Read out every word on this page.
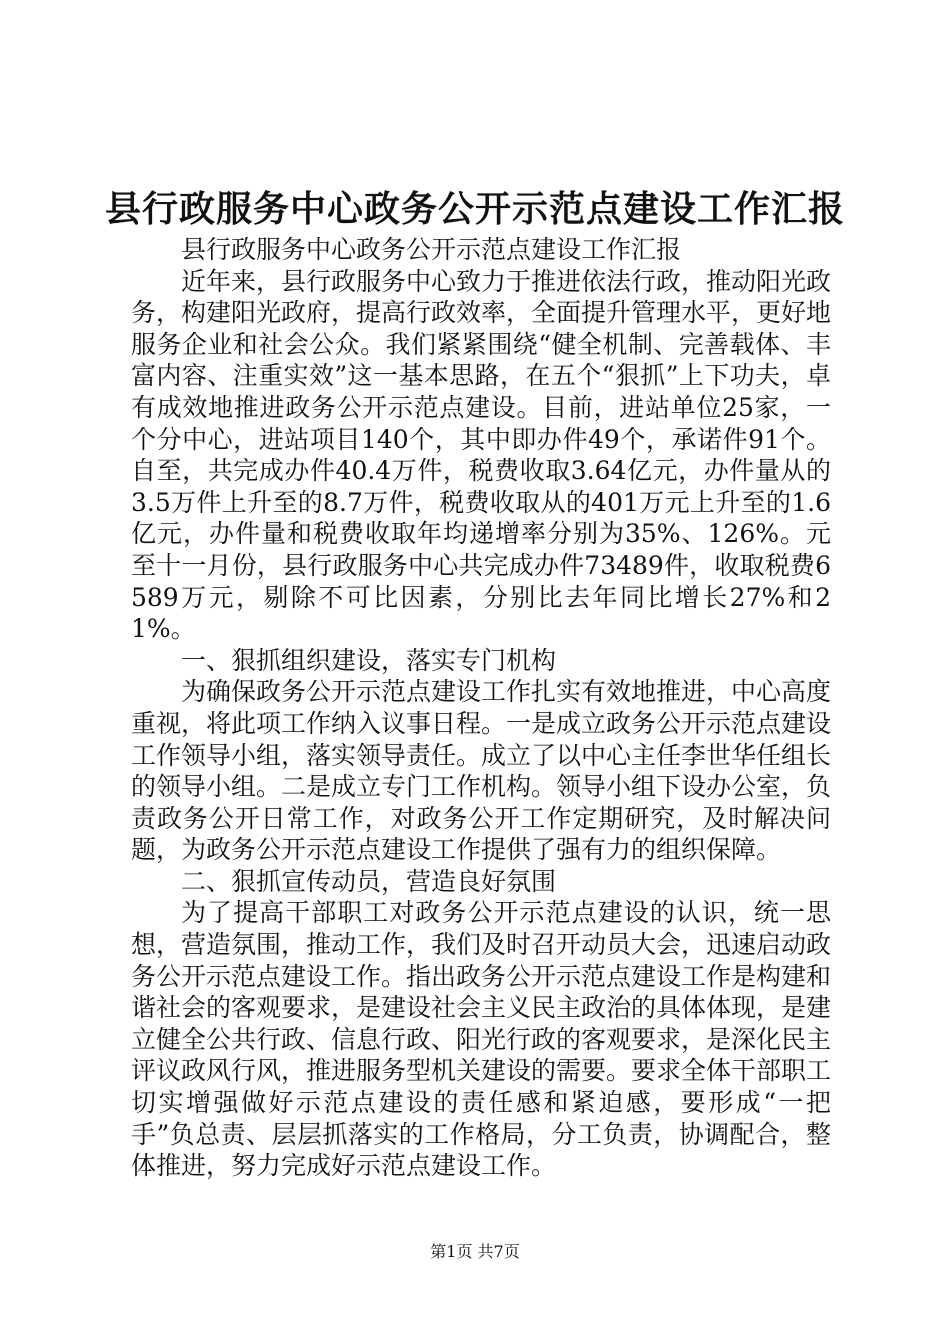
县行政服务中心政务公开示范点建设工作汇报

县行政服务中心政务公开示范点建设工作汇报

近年来，县行政服务中心致力于推进依法行政，推动阳光政务，构建阳光政府，提高行政效率，全面提升管理水平，更好地服务企业和社会公众。我们紧紧围绕“健全机制、完善载体、丰富内容、注重实效”这一基本思路，在五个“狠抓”上下功夫，卓有成效地推进政务公开示范点建设。目前，进站单位25家，一个分中心，进站项目140个，其中即办件49个，承诺件91个。自至，共完成办件40.4万件，税费收取3.64亿元，办件量从的3.5万件上升至的8.7万件，税费收取从的401万元上升至的1.6亿元，办件量和税费收取年均递增率分别为35%、126%。元至十一月份，县行政服务中心共完成办件73489件，收取税费6589万元，剔除不可比因素，分别比去年同比增长27%和21%。

一、狠抓组织建设，落实专门机构

为确保政务公开示范点建设工作扎实有效地推进，中心高度重视，将此项工作纳入议事日程。一是成立政务公开示范点建设工作领导小组，落实领导责任。成立了以中心主任李世华任组长的领导小组。二是成立专门工作机构。领导小组下设办公室，负责政务公开日常工作，对政务公开工作定期研究，及时解决问题，为政务公开示范点建设工作提供了强有力的组织保障。

二、狠抓宣传动员，营造良好氛围

为了提高干部职工对政务公开示范点建设的认识，统一思想，营造氛围，推动工作，我们及时召开动员大会，迅速启动政务公开示范点建设工作。指出政务公开示范点建设工作是构建和谐社会的客观要求，是建设社会主义民主政治的具体体现，是建立健全公共行政、信息行政、阳光行政的客观要求，是深化民主评议政风行风，推进服务型机关建设的需要。要求全体干部职工切实增强做好示范点建设的责任感和紧迫感，要形成“一把手”负总责、层层抓落实的工作格局，分工负责，协调配合，整体推进，努力完成好示范点建设工作。

第1页 共7页
